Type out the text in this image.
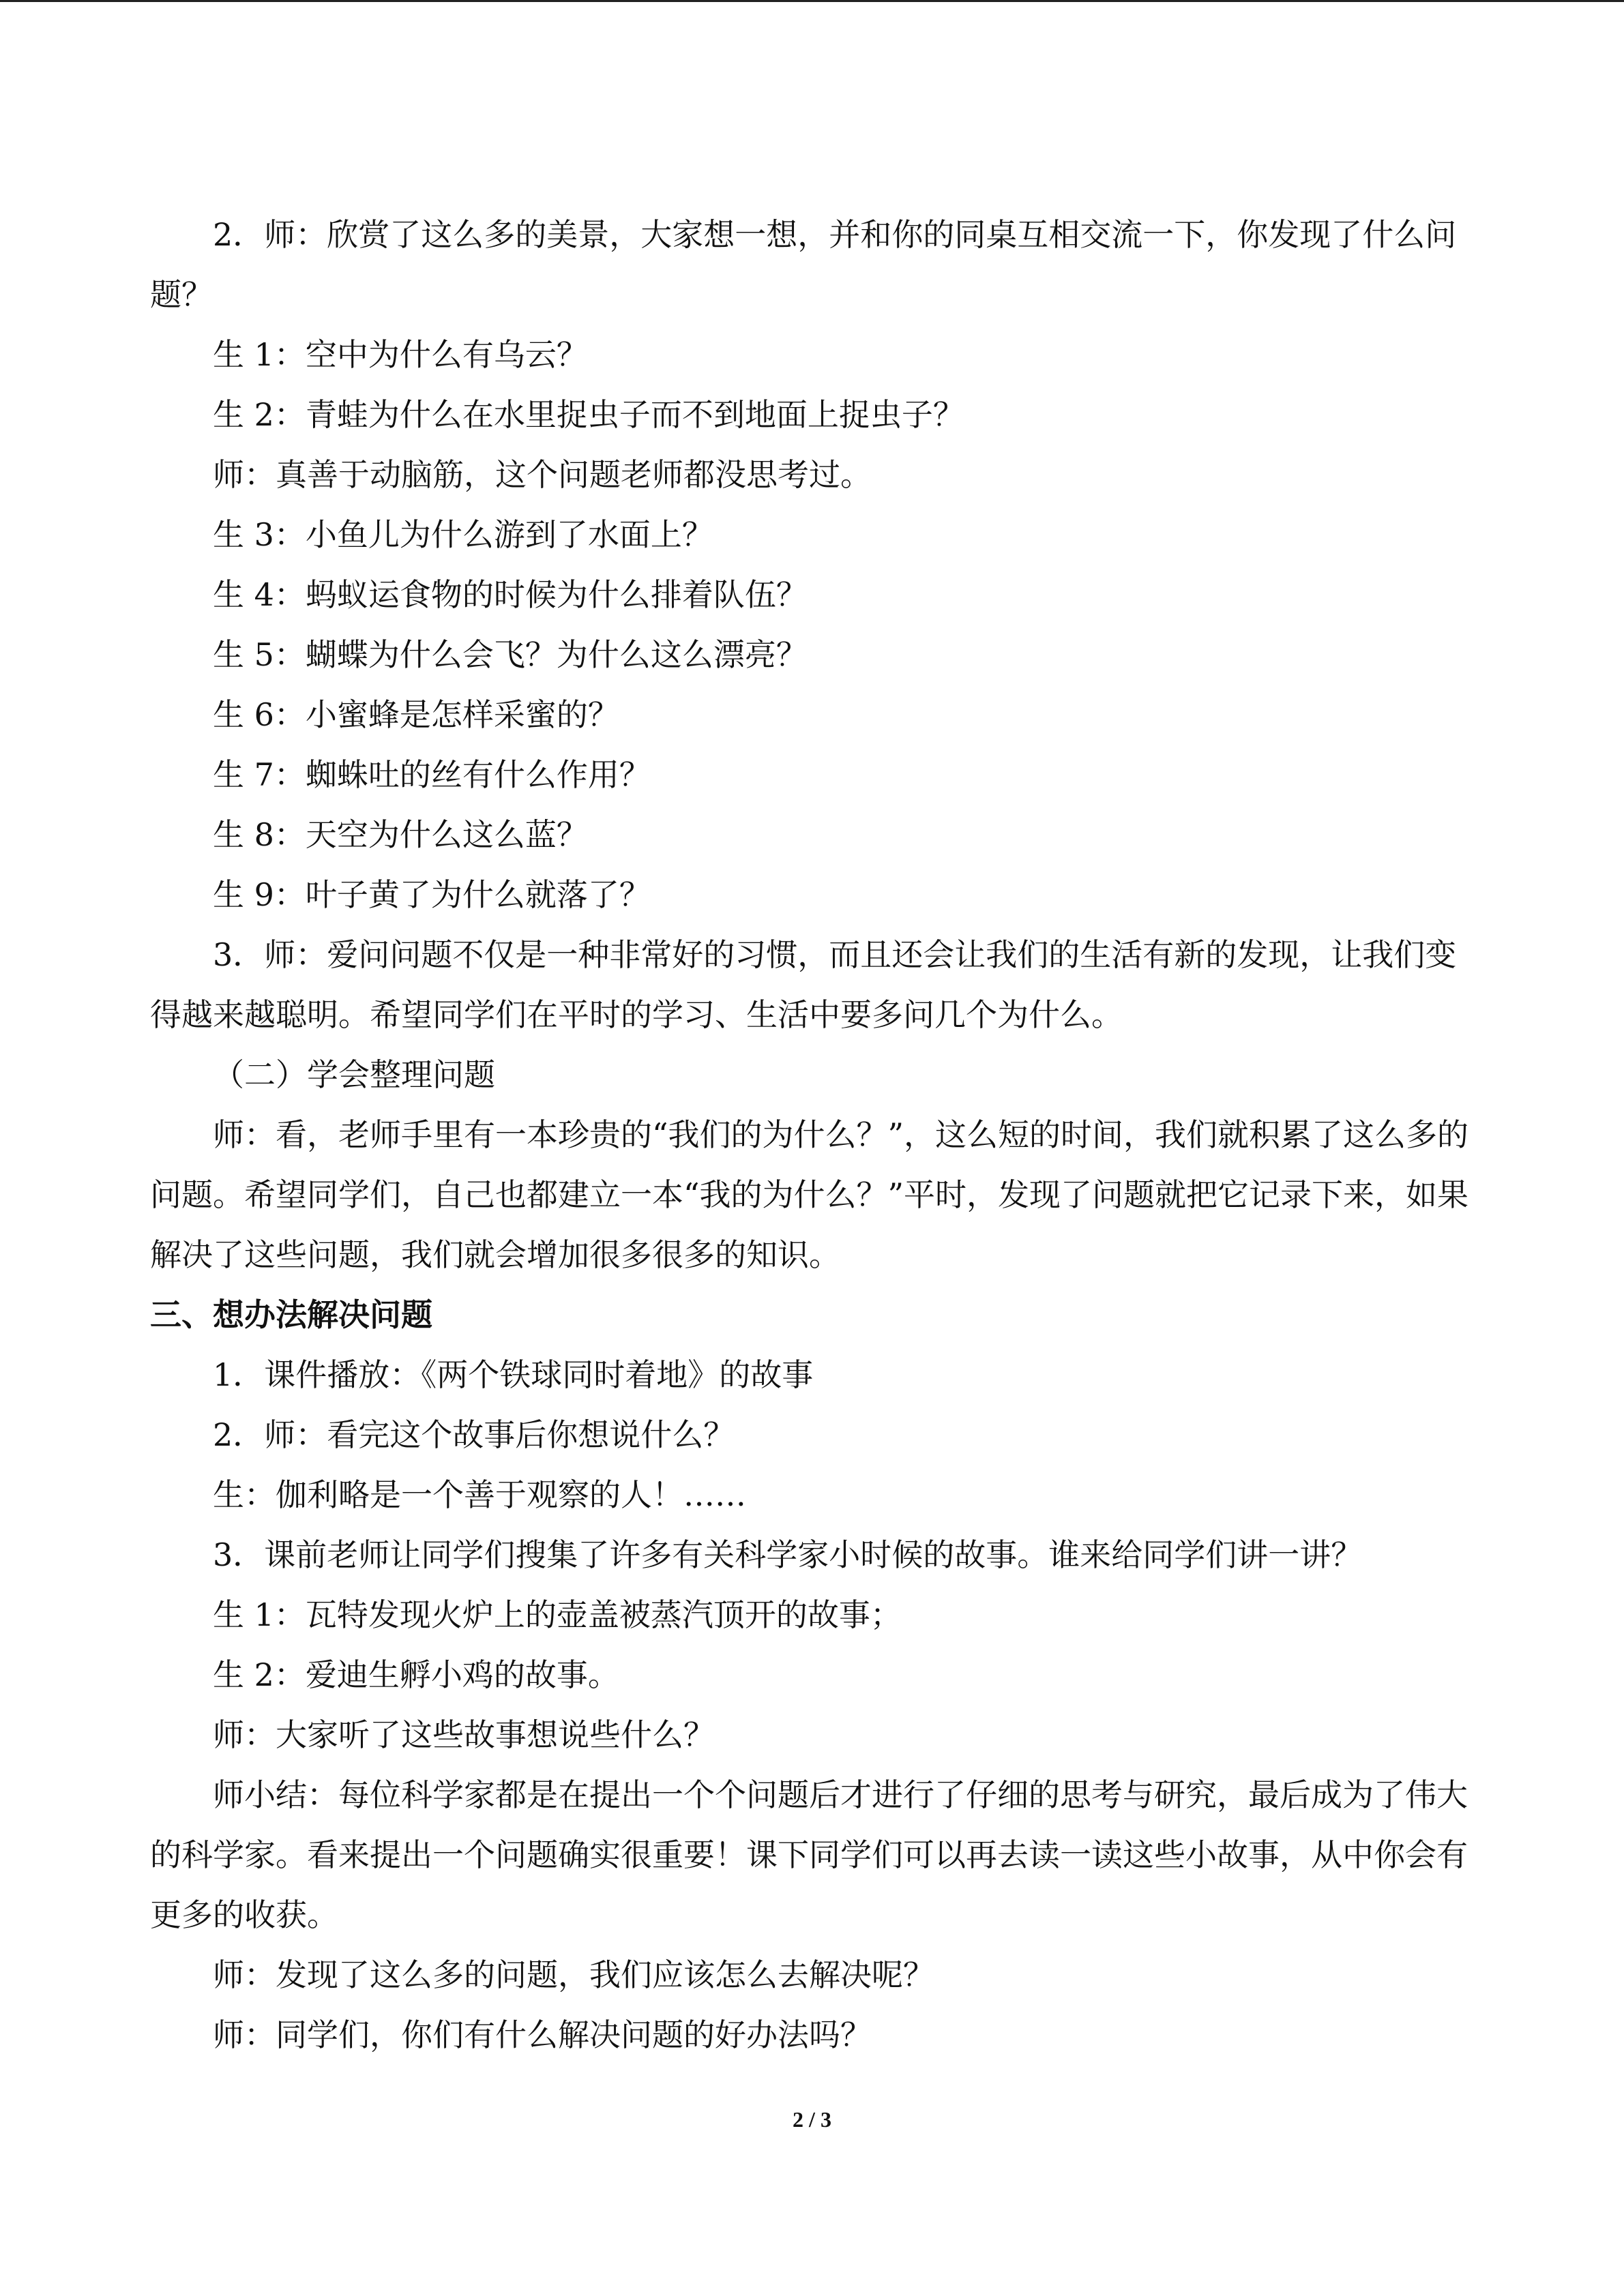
2．师：欣赏了这么多的美景，大家想一想，并和你的同桌互相交流一下，你发现了什么问题？

生 1：空中为什么有乌云？

生 2：青蛙为什么在水里捉虫子而不到地面上捉虫子？

师：真善于动脑筋，这个问题老师都没思考过。

生 3：小鱼儿为什么游到了水面上？

生 4：蚂蚁运食物的时候为什么排着队伍？

生 5：蝴蝶为什么会飞？为什么这么漂亮？

生 6：小蜜蜂是怎样采蜜的？

生 7：蜘蛛吐的丝有什么作用？

生 8：天空为什么这么蓝？

生 9：叶子黄了为什么就落了？

3．师：爱问问题不仅是一种非常好的习惯，而且还会让我们的生活有新的发现，让我们变得越来越聪明。希望同学们在平时的学习、生活中要多问几个为什么。

（二）学会整理问题

师：看，老师手里有一本珍贵的“我们的为什么？”，这么短的时间，我们就积累了这么多的问题。希望同学们，自己也都建立一本“我的为什么？”平时，发现了问题就把它记录下来，如果解决了这些问题，我们就会增加很多很多的知识。

三、想办法解决问题

1．课件播放：《两个铁球同时着地》的故事

2．师：看完这个故事后你想说什么？

生：伽利略是一个善于观察的人！……

3．课前老师让同学们搜集了许多有关科学家小时候的故事。谁来给同学们讲一讲？

生 1：瓦特发现火炉上的壶盖被蒸汽顶开的故事；

生 2：爱迪生孵小鸡的故事。

师：大家听了这些故事想说些什么？

师小结：每位科学家都是在提出一个个问题后才进行了仔细的思考与研究，最后成为了伟大的科学家。看来提出一个问题确实很重要！课下同学们可以再去读一读这些小故事，从中你会有更多的收获。

师：发现了这么多的问题，我们应该怎么去解决呢？

师：同学们，你们有什么解决问题的好办法吗？

2 / 3
